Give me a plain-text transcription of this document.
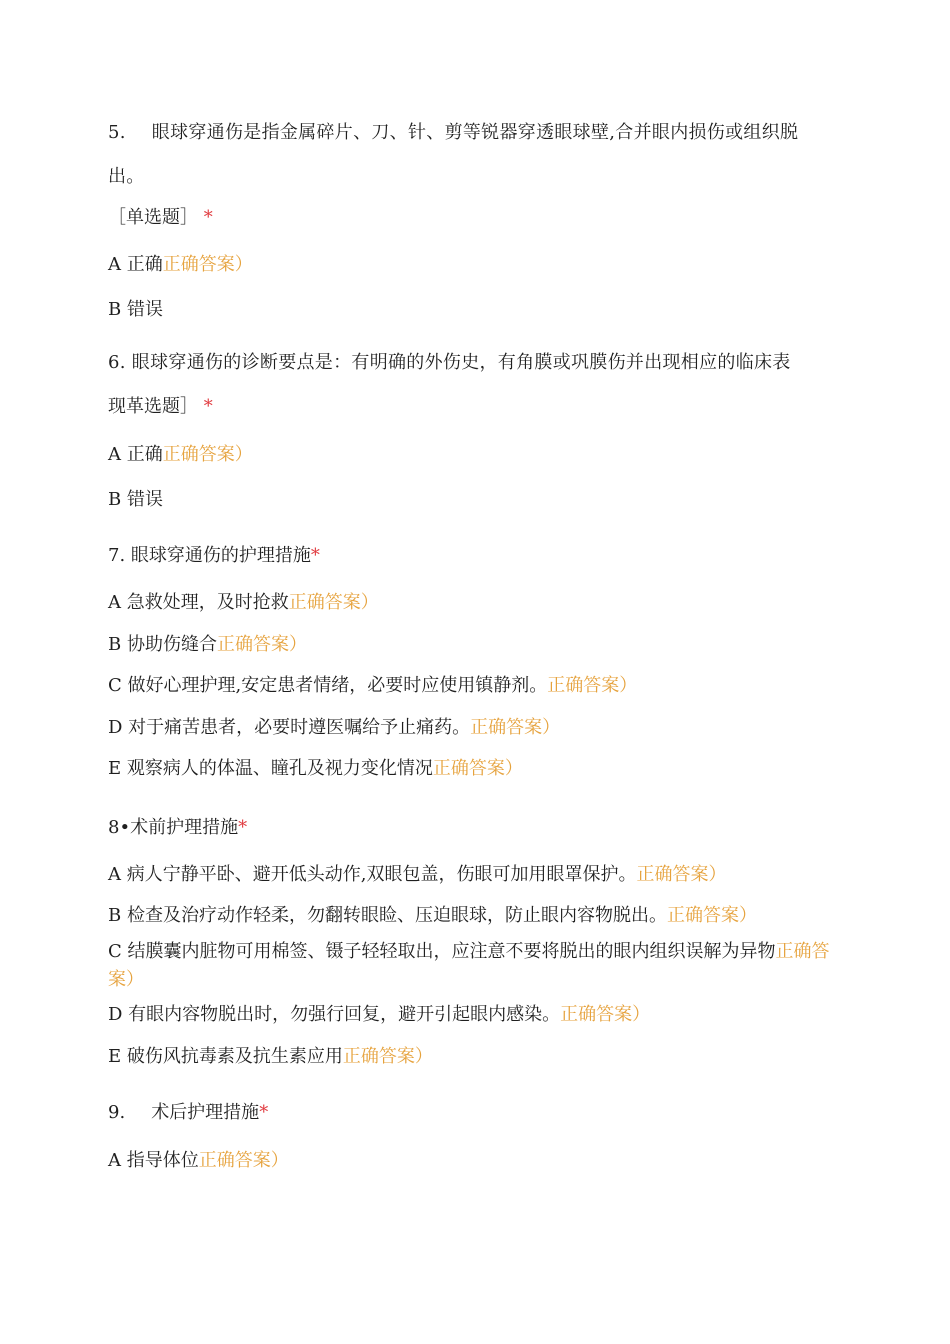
5. 眼球穿通伤是指金属碎片、刀、针、剪等锐器穿透眼球壁,合并眼内损伤或组织脱
出。
［单选题］ *
A 正确正确答案）
B 错误
6. 眼球穿通伤的诊断要点是：有明确的外伤史，有角膜或巩膜伤并出现相应的临床表
现革选题］ *
A 正确正确答案）
B 错误
7. 眼球穿通伤的护理措施*
A 急救处理，及时抢救正确答案）
B 协助伤缝合正确答案）
C 做好心理护理,安定患者情绪，必要时应使用镇静剂。正确答案）
D 对于痛苦患者，必要时遵医嘱给予止痛药。正确答案）
E 观察病人的体温、瞳孔及视力变化情况正确答案）
8•术前护理措施*
A 病人宁静平卧、避开低头动作,双眼包盖，伤眼可加用眼罩保护。正确答案）
B 检查及治疗动作轻柔，勿翻转眼睑、压迫眼球，防止眼内容物脱出。正确答案）
C 结膜囊内脏物可用棉签、镊子轻轻取出，应注意不要将脱出的眼内组织误解为异物正确答案）
D 有眼内容物脱出时，勿强行回复，避开引起眼内感染。正确答案）
E 破伤风抗毒素及抗生素应用正确答案）
9. 术后护理措施*
A 指导体位正确答案）
